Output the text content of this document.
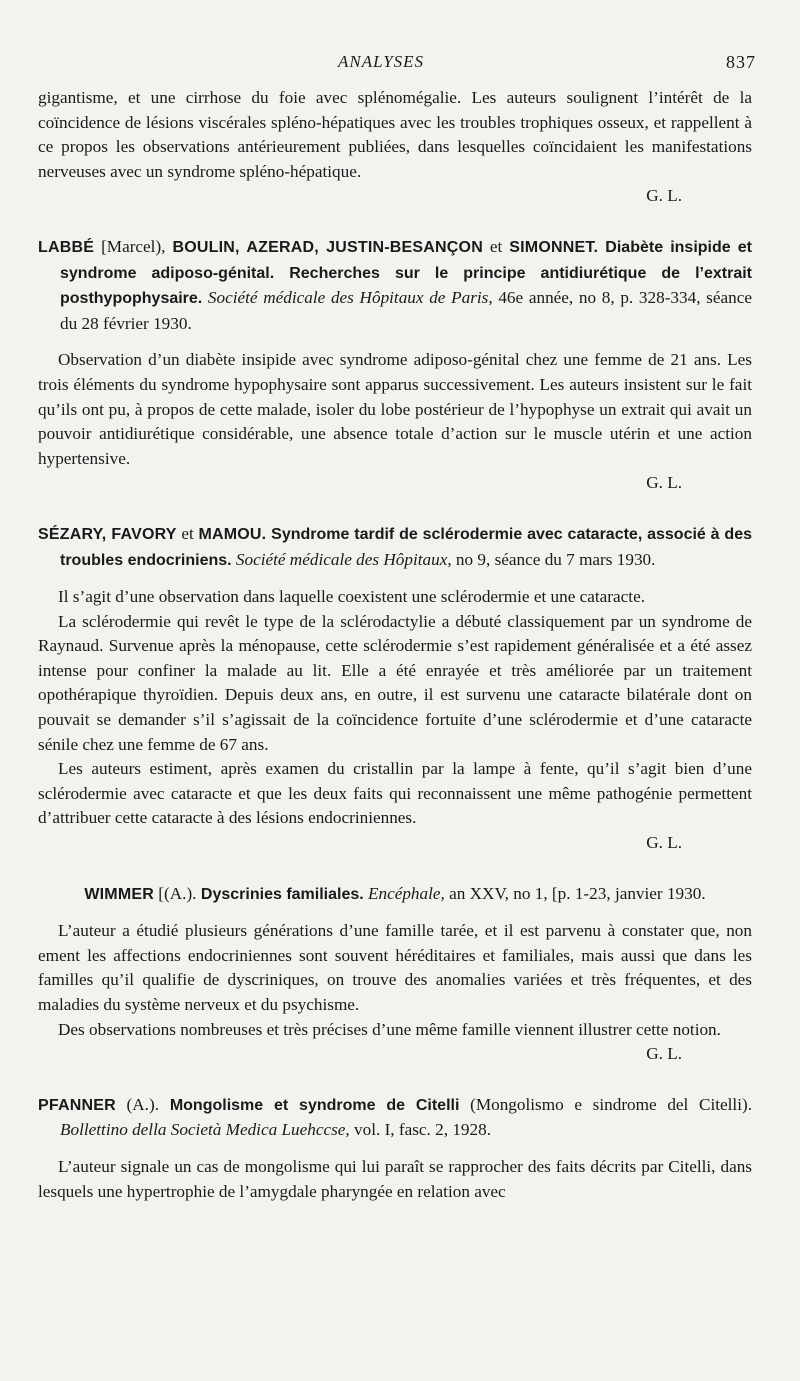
ANALYSES	837

gigantisme, et une cirrhose du foie avec splénomégalie. Les auteurs soulignent l’intérêt de la coïncidence de lésions viscérales spléno-hépatiques avec les troubles trophiques osseux, et rappellent à ce propos les observations antérieurement publiées, dans lesquelles coïncidaient les manifestations nerveuses avec un syndrome spléno-hépatique.

G. L.

LABBÉ [Marcel), BOULIN, AZERAD, JUSTIN-BESANÇON et SIMONNET. Diabète insipide et syndrome adiposo-génital. Recherches sur le principe antidiurétique de l’extrait posthypophysaire. Société médicale des Hôpitaux de Paris, 46e année, no 8, p. 328-334, séance du 28 février 1930.

Observation d’un diabète insipide avec syndrome adiposo-génital chez une femme de 21 ans. Les trois éléments du syndrome hypophysaire sont apparus successivement. Les auteurs insistent sur le fait qu’ils ont pu, à propos de cette malade, isoler du lobe postérieur de l’hypophyse un extrait qui avait un pouvoir antidiurétique considérable, une absence totale d’action sur le muscle utérin et une action hypertensive.

G. L.

SÉZARY, FAVORY et MAMOU. Syndrome tardif de sclérodermie avec cataracte, associé à des troubles endocriniens. Société médicale des Hôpitaux, no 9, séance du 7 mars 1930.

Il s’agit d’une observation dans laquelle coexistent une sclérodermie et une cataracte.

La sclérodermie qui revêt le type de la sclérodactylie a débuté classiquement par un syndrome de Raynaud. Survenue après la ménopause, cette sclérodermie s’est rapidement généralisée et a été assez intense pour confiner la malade au lit. Elle a été enrayée et très améliorée par un traitement opothérapique thyroïdien. Depuis deux ans, en outre, il est survenu une cataracte bilatérale dont on pouvait se demander s’il s’agissait de la coïncidence fortuite d’une sclérodermie et d’une cataracte sénile chez une femme de 67 ans.

Les auteurs estiment, après examen du cristallin par la lampe à fente, qu’il s’agit bien d’une sclérodermie avec cataracte et que les deux faits qui reconnaissent une même pathogénie permettent d’attribuer cette cataracte à des lésions endocriniennes.

G. L.

WIMMER [(A.). Dyscrinies familiales. Encéphale, an XXV, no 1, [p. 1-23, janvier 1930.

L’auteur a étudié plusieurs générations d’une famille tarée, et il est parvenu à constater que, non ement les affections endocriniennes sont souvent héréditaires et familiales, mais aussi que dans les familles qu’il qualifie de dyscriniques, on trouve des anomalies variées et très fréquentes, et des maladies du système nerveux et du psychisme.

Des observations nombreuses et très précises d’une même famille viennent illustrer cette notion.

G. L.

PFANNER (A.). Mongolisme et syndrome de Citelli (Mongolismo e sindrome del Citelli). Bollettino della Società Medica Luehccse, vol. I, fasc. 2, 1928.

L’auteur signale un cas de mongolisme qui lui paraît se rapprocher des faits décrits par Citelli, dans lesquels une hypertrophie de l’amygdale pharyngée en relation avec
